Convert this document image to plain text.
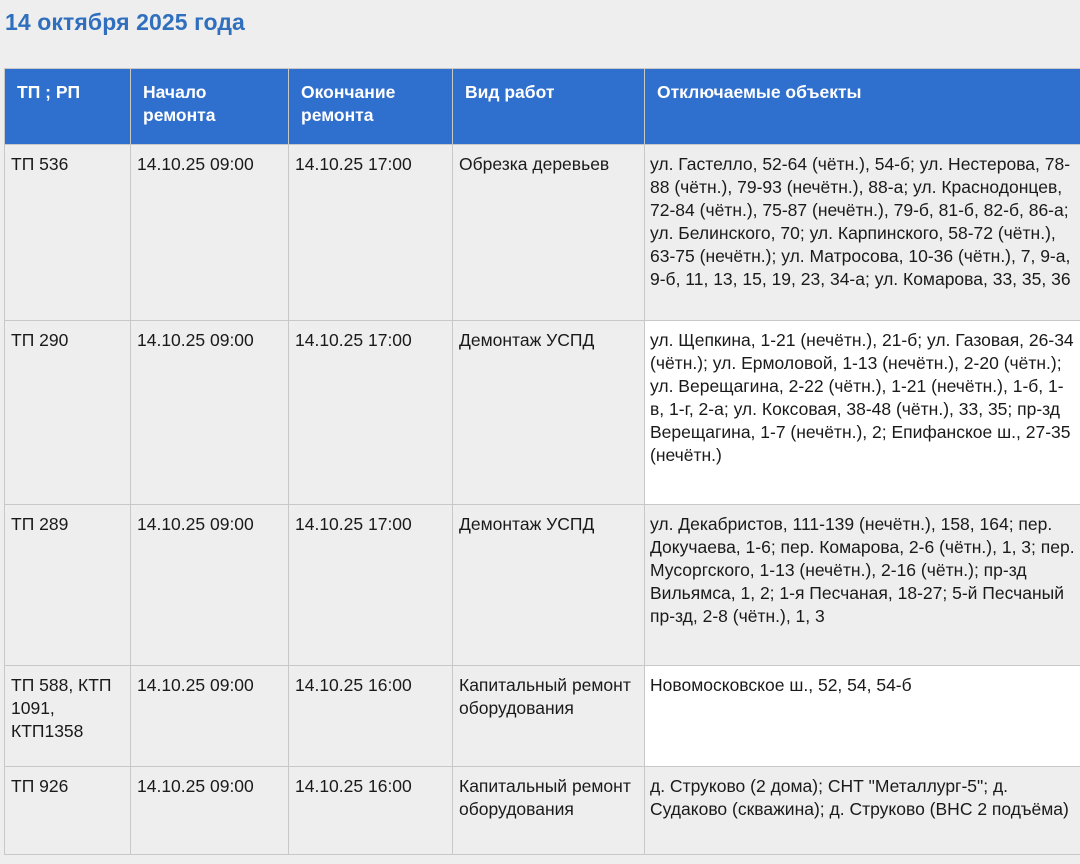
14 октября 2025 года
ТП ; РП	Начало ремонта	Окончание ремонта	Вид работ	Отключаемые объекты
ТП 536	14.10.25 09:00	14.10.25 17:00	Обрезка деревьев	ул. Гастелло, 52-64 (чётн.), 54-б; ул. Нестерова, 78-88 (чётн.), 79-93 (нечётн.), 88-а; ул. Краснодонцев, 72-84 (чётн.), 75-87 (нечётн.), 79-б, 81-б, 82-б, 86-а; ул. Белинского, 70; ул. Карпинского, 58-72 (чётн.), 63-75 (нечётн.); ул. Матросова, 10-36 (чётн.), 7, 9-а, 9-б, 11, 13, 15, 19, 23, 34-а; ул. Комарова, 33, 35, 36
ТП 290	14.10.25 09:00	14.10.25 17:00	Демонтаж УСПД	ул. Щепкина, 1-21 (нечётн.), 21-б; ул. Газовая, 26-34 (чётн.); ул. Ермоловой, 1-13 (нечётн.), 2-20 (чётн.); ул. Верещагина, 2-22 (чётн.), 1-21 (нечётн.), 1-б, 1-в, 1-г, 2-а; ул. Коксовая, 38-48 (чётн.), 33, 35; пр-зд Верещагина, 1-7 (нечётн.), 2; Епифанское ш., 27-35 (нечётн.)
ТП 289	14.10.25 09:00	14.10.25 17:00	Демонтаж УСПД	ул. Декабристов, 111-139 (нечётн.), 158, 164; пер. Докучаева, 1-6; пер. Комарова, 2-6 (чётн.), 1, 3; пер. Мусоргского, 1-13 (нечётн.), 2-16 (чётн.); пр-зд Вильямса, 1, 2; 1-я Песчаная, 18-27; 5-й Песчаный пр-зд, 2-8 (чётн.), 1, 3
ТП 588, КТП 1091, КТП1358	14.10.25 09:00	14.10.25 16:00	Капитальный ремонт оборудования	Новомосковское ш., 52, 54, 54-б
ТП 926	14.10.25 09:00	14.10.25 16:00	Капитальный ремонт оборудования	д. Струково (2 дома); СНТ "Металлург-5"; д. Судаково (скважина); д. Струково (ВНС 2 подъёма)
